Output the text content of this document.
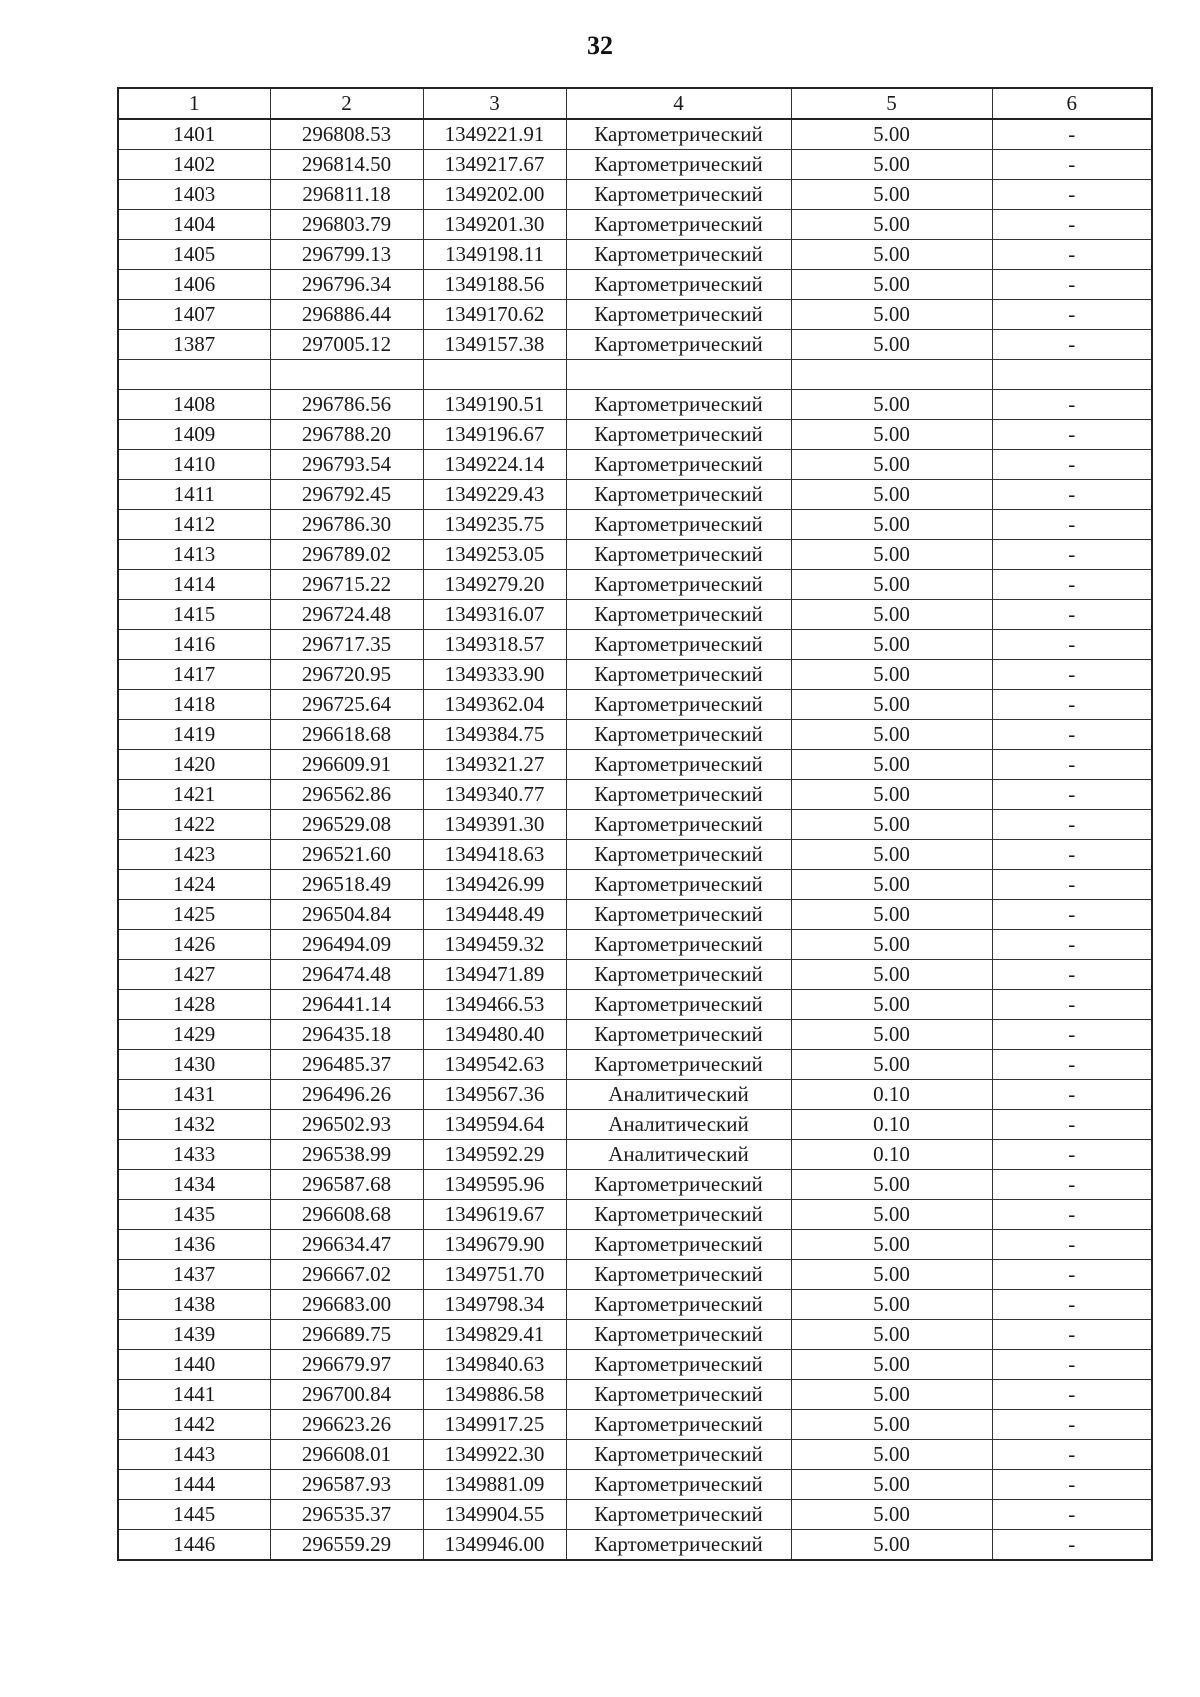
32
1	2	3	4	5	6
1401	296808.53	1349221.91	Картометрический	5.00	-
1402	296814.50	1349217.67	Картометрический	5.00	-
1403	296811.18	1349202.00	Картометрический	5.00	-
1404	296803.79	1349201.30	Картометрический	5.00	-
1405	296799.13	1349198.11	Картометрический	5.00	-
1406	296796.34	1349188.56	Картометрический	5.00	-
1407	296886.44	1349170.62	Картометрический	5.00	-
1387	297005.12	1349157.38	Картометрический	5.00	-

1408	296786.56	1349190.51	Картометрический	5.00	-
1409	296788.20	1349196.67	Картометрический	5.00	-
1410	296793.54	1349224.14	Картометрический	5.00	-
1411	296792.45	1349229.43	Картометрический	5.00	-
1412	296786.30	1349235.75	Картометрический	5.00	-
1413	296789.02	1349253.05	Картометрический	5.00	-
1414	296715.22	1349279.20	Картометрический	5.00	-
1415	296724.48	1349316.07	Картометрический	5.00	-
1416	296717.35	1349318.57	Картометрический	5.00	-
1417	296720.95	1349333.90	Картометрический	5.00	-
1418	296725.64	1349362.04	Картометрический	5.00	-
1419	296618.68	1349384.75	Картометрический	5.00	-
1420	296609.91	1349321.27	Картометрический	5.00	-
1421	296562.86	1349340.77	Картометрический	5.00	-
1422	296529.08	1349391.30	Картометрический	5.00	-
1423	296521.60	1349418.63	Картометрический	5.00	-
1424	296518.49	1349426.99	Картометрический	5.00	-
1425	296504.84	1349448.49	Картометрический	5.00	-
1426	296494.09	1349459.32	Картометрический	5.00	-
1427	296474.48	1349471.89	Картометрический	5.00	-
1428	296441.14	1349466.53	Картометрический	5.00	-
1429	296435.18	1349480.40	Картометрический	5.00	-
1430	296485.37	1349542.63	Картометрический	5.00	-
1431	296496.26	1349567.36	Аналитический	0.10	-
1432	296502.93	1349594.64	Аналитический	0.10	-
1433	296538.99	1349592.29	Аналитический	0.10	-
1434	296587.68	1349595.96	Картометрический	5.00	-
1435	296608.68	1349619.67	Картометрический	5.00	-
1436	296634.47	1349679.90	Картометрический	5.00	-
1437	296667.02	1349751.70	Картометрический	5.00	-
1438	296683.00	1349798.34	Картометрический	5.00	-
1439	296689.75	1349829.41	Картометрический	5.00	-
1440	296679.97	1349840.63	Картометрический	5.00	-
1441	296700.84	1349886.58	Картометрический	5.00	-
1442	296623.26	1349917.25	Картометрический	5.00	-
1443	296608.01	1349922.30	Картометрический	5.00	-
1444	296587.93	1349881.09	Картометрический	5.00	-
1445	296535.37	1349904.55	Картометрический	5.00	-
1446	296559.29	1349946.00	Картометрический	5.00	-
